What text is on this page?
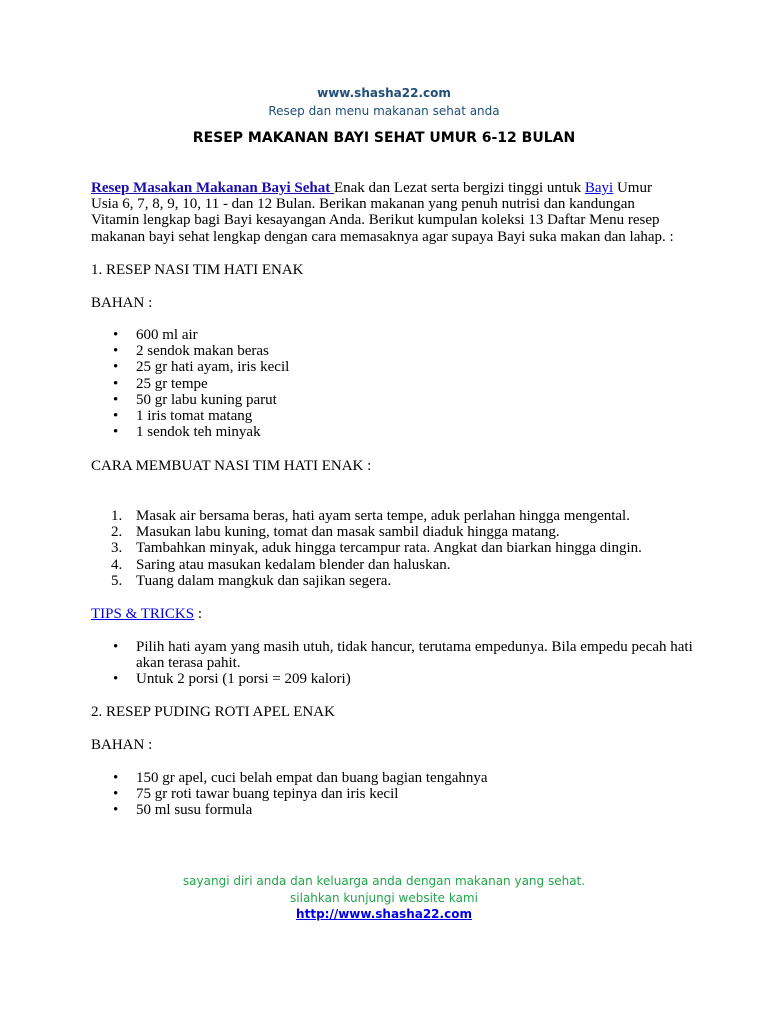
www.shasha22.com
Resep dan menu makanan sehat anda
RESEP MAKANAN BAYI SEHAT UMUR 6-12 BULAN
Resep Masakan Makanan Bayi Sehat Enak dan Lezat serta bergizi tinggi untuk Bayi Umur Usia 6, 7, 8, 9, 10, 11 - dan 12 Bulan. Berikan makanan yang penuh nutrisi dan kandungan Vitamin lengkap bagi Bayi kesayangan Anda. Berikut kumpulan koleksi 13 Daftar Menu resep makanan bayi sehat lengkap dengan cara memasaknya agar supaya Bayi suka makan dan lahap. :
1. RESEP NASI TIM HATI ENAK
BAHAN :
• 600 ml air
• 2 sendok makan beras
• 25 gr hati ayam, iris kecil
• 25 gr tempe
• 50 gr labu kuning parut
• 1 iris tomat matang
• 1 sendok teh minyak
CARA MEMBUAT NASI TIM HATI ENAK :
1. Masak air bersama beras, hati ayam serta tempe, aduk perlahan hingga mengental.
2. Masukan labu kuning, tomat dan masak sambil diaduk hingga matang.
3. Tambahkan minyak, aduk hingga tercampur rata. Angkat dan biarkan hingga dingin.
4. Saring atau masukan kedalam blender dan haluskan.
5. Tuang dalam mangkuk dan sajikan segera.
TIPS & TRICKS :
• Pilih hati ayam yang masih utuh, tidak hancur, terutama empedunya. Bila empedu pecah hati akan terasa pahit.
• Untuk 2 porsi (1 porsi = 209 kalori)
2. RESEP PUDING ROTI APEL ENAK
BAHAN :
• 150 gr apel, cuci belah empat dan buang bagian tengahnya
• 75 gr roti tawar buang tepinya dan iris kecil
• 50 ml susu formula
sayangi diri anda dan keluarga anda dengan makanan yang sehat.
silahkan kunjungi website kami
http://www.shasha22.com
